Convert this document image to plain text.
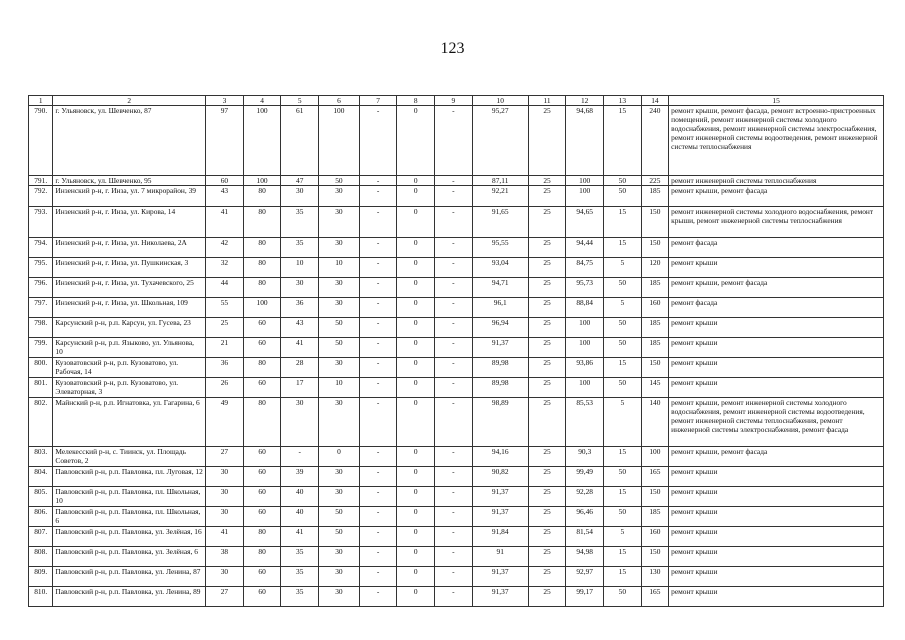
123
1	2	3	4	5	6	7	8	9	10	11	12	13	14	15
790.	г. Ульяновск, ул. Шевченко, 87	97	100	61	100	-	0	-	95,27	25	94,68	15	240	ремонт крыши, ремонт фасада, ремонт встроенно-пристроенных помещений, ремонт инженерной системы холодного водоснабжения, ремонт инженерной системы электроснабжения, ремонт инженерной системы водоотведения, ремонт инженерной системы теплоснабжения
791.	г. Ульяновск, ул. Шевченко, 95	60	100	47	50	-	0	-	87,11	25	100	50	225	ремонт инженерной системы теплоснабжения
792.	Инзенский р-н, г. Инза, ул. 7 микрорайон, 39	43	80	30	30	-	0	-	92,21	25	100	50	185	ремонт крыши, ремонт фасада
793.	Инзенский р-н, г. Инза, ул. Кирова, 14	41	80	35	30	-	0	-	91,65	25	94,65	15	150	ремонт инженерной системы холодного водоснабжения, ремонт крыши, ремонт инженерной системы теплоснабжения
794.	Инзенский р-н, г. Инза, ул. Николаева, 2А	42	80	35	30	-	0	-	95,55	25	94,44	15	150	ремонт фасада
795.	Инзенский р-н, г. Инза, ул. Пушкинская, 3	32	80	10	10	-	0	-	93,04	25	84,75	5	120	ремонт крыши
796.	Инзенский р-н, г. Инза, ул. Тухачевского, 25	44	80	30	30	-	0	-	94,71	25	95,73	50	185	ремонт крыши, ремонт фасада
797.	Инзенский р-н, г. Инза, ул. Школьная, 109	55	100	36	30	-	0	-	96,1	25	88,84	5	160	ремонт фасада
798.	Карсунский р-н, р.п. Карсун, ул. Гусева, 23	25	60	43	50	-	0	-	96,94	25	100	50	185	ремонт крыши
799.	Карсунский р-н, р.п. Языково, ул. Ульянова, 10	21	60	41	50	-	0	-	91,37	25	100	50	185	ремонт крыши
800.	Кузоватовский р-н, р.п. Кузоватово, ул. Рабочая, 14	36	80	28	30	-	0	-	89,98	25	93,86	15	150	ремонт крыши
801.	Кузоватовский р-н, р.п. Кузоватово, ул. Элеваторная, 3	26	60	17	10	-	0	-	89,98	25	100	50	145	ремонт крыши
802.	Майнский р-н, р.п. Игнатовка, ул. Гагарина, 6	49	80	30	30	-	0	-	98,89	25	85,53	5	140	ремонт крыши, ремонт инженерной системы холодного водоснабжения, ремонт инженерной системы водоотведения, ремонт инженерной системы теплоснабжения, ремонт инженерной системы электроснабжения, ремонт фасада
803.	Мелекесский р-н, с. Тиинск, ул. Площадь Советов, 2	27	60	-	0	-	0	-	94,16	25	90,3	15	100	ремонт крыши, ремонт фасада
804.	Павловский р-н, р.п. Павловка, пл. Луговая, 12	30	60	39	30	-	0	-	90,82	25	99,49	50	165	ремонт крыши
805.	Павловский р-н, р.п. Павловка, пл. Школьная, 10	30	60	40	30	-	0	-	91,37	25	92,28	15	150	ремонт крыши
806.	Павловский р-н, р.п. Павловка, пл. Школьная, 6	30	60	40	50	-	0	-	91,37	25	96,46	50	185	ремонт крыши
807.	Павловский р-н, р.п. Павловка, ул. Зелёная, 16	41	80	41	50	-	0	-	91,84	25	81,54	5	160	ремонт крыши
808.	Павловский р-н, р.п. Павловка, ул. Зелёная, 6	38	80	35	30	-	0	-	91	25	94,98	15	150	ремонт крыши
809.	Павловский р-н, р.п. Павловка, ул. Ленина, 87	30	60	35	30	-	0	-	91,37	25	92,97	15	130	ремонт крыши
810.	Павловский р-н, р.п. Павловка, ул. Ленина, 89	27	60	35	30	-	0	-	91,37	25	99,17	50	165	ремонт крыши
